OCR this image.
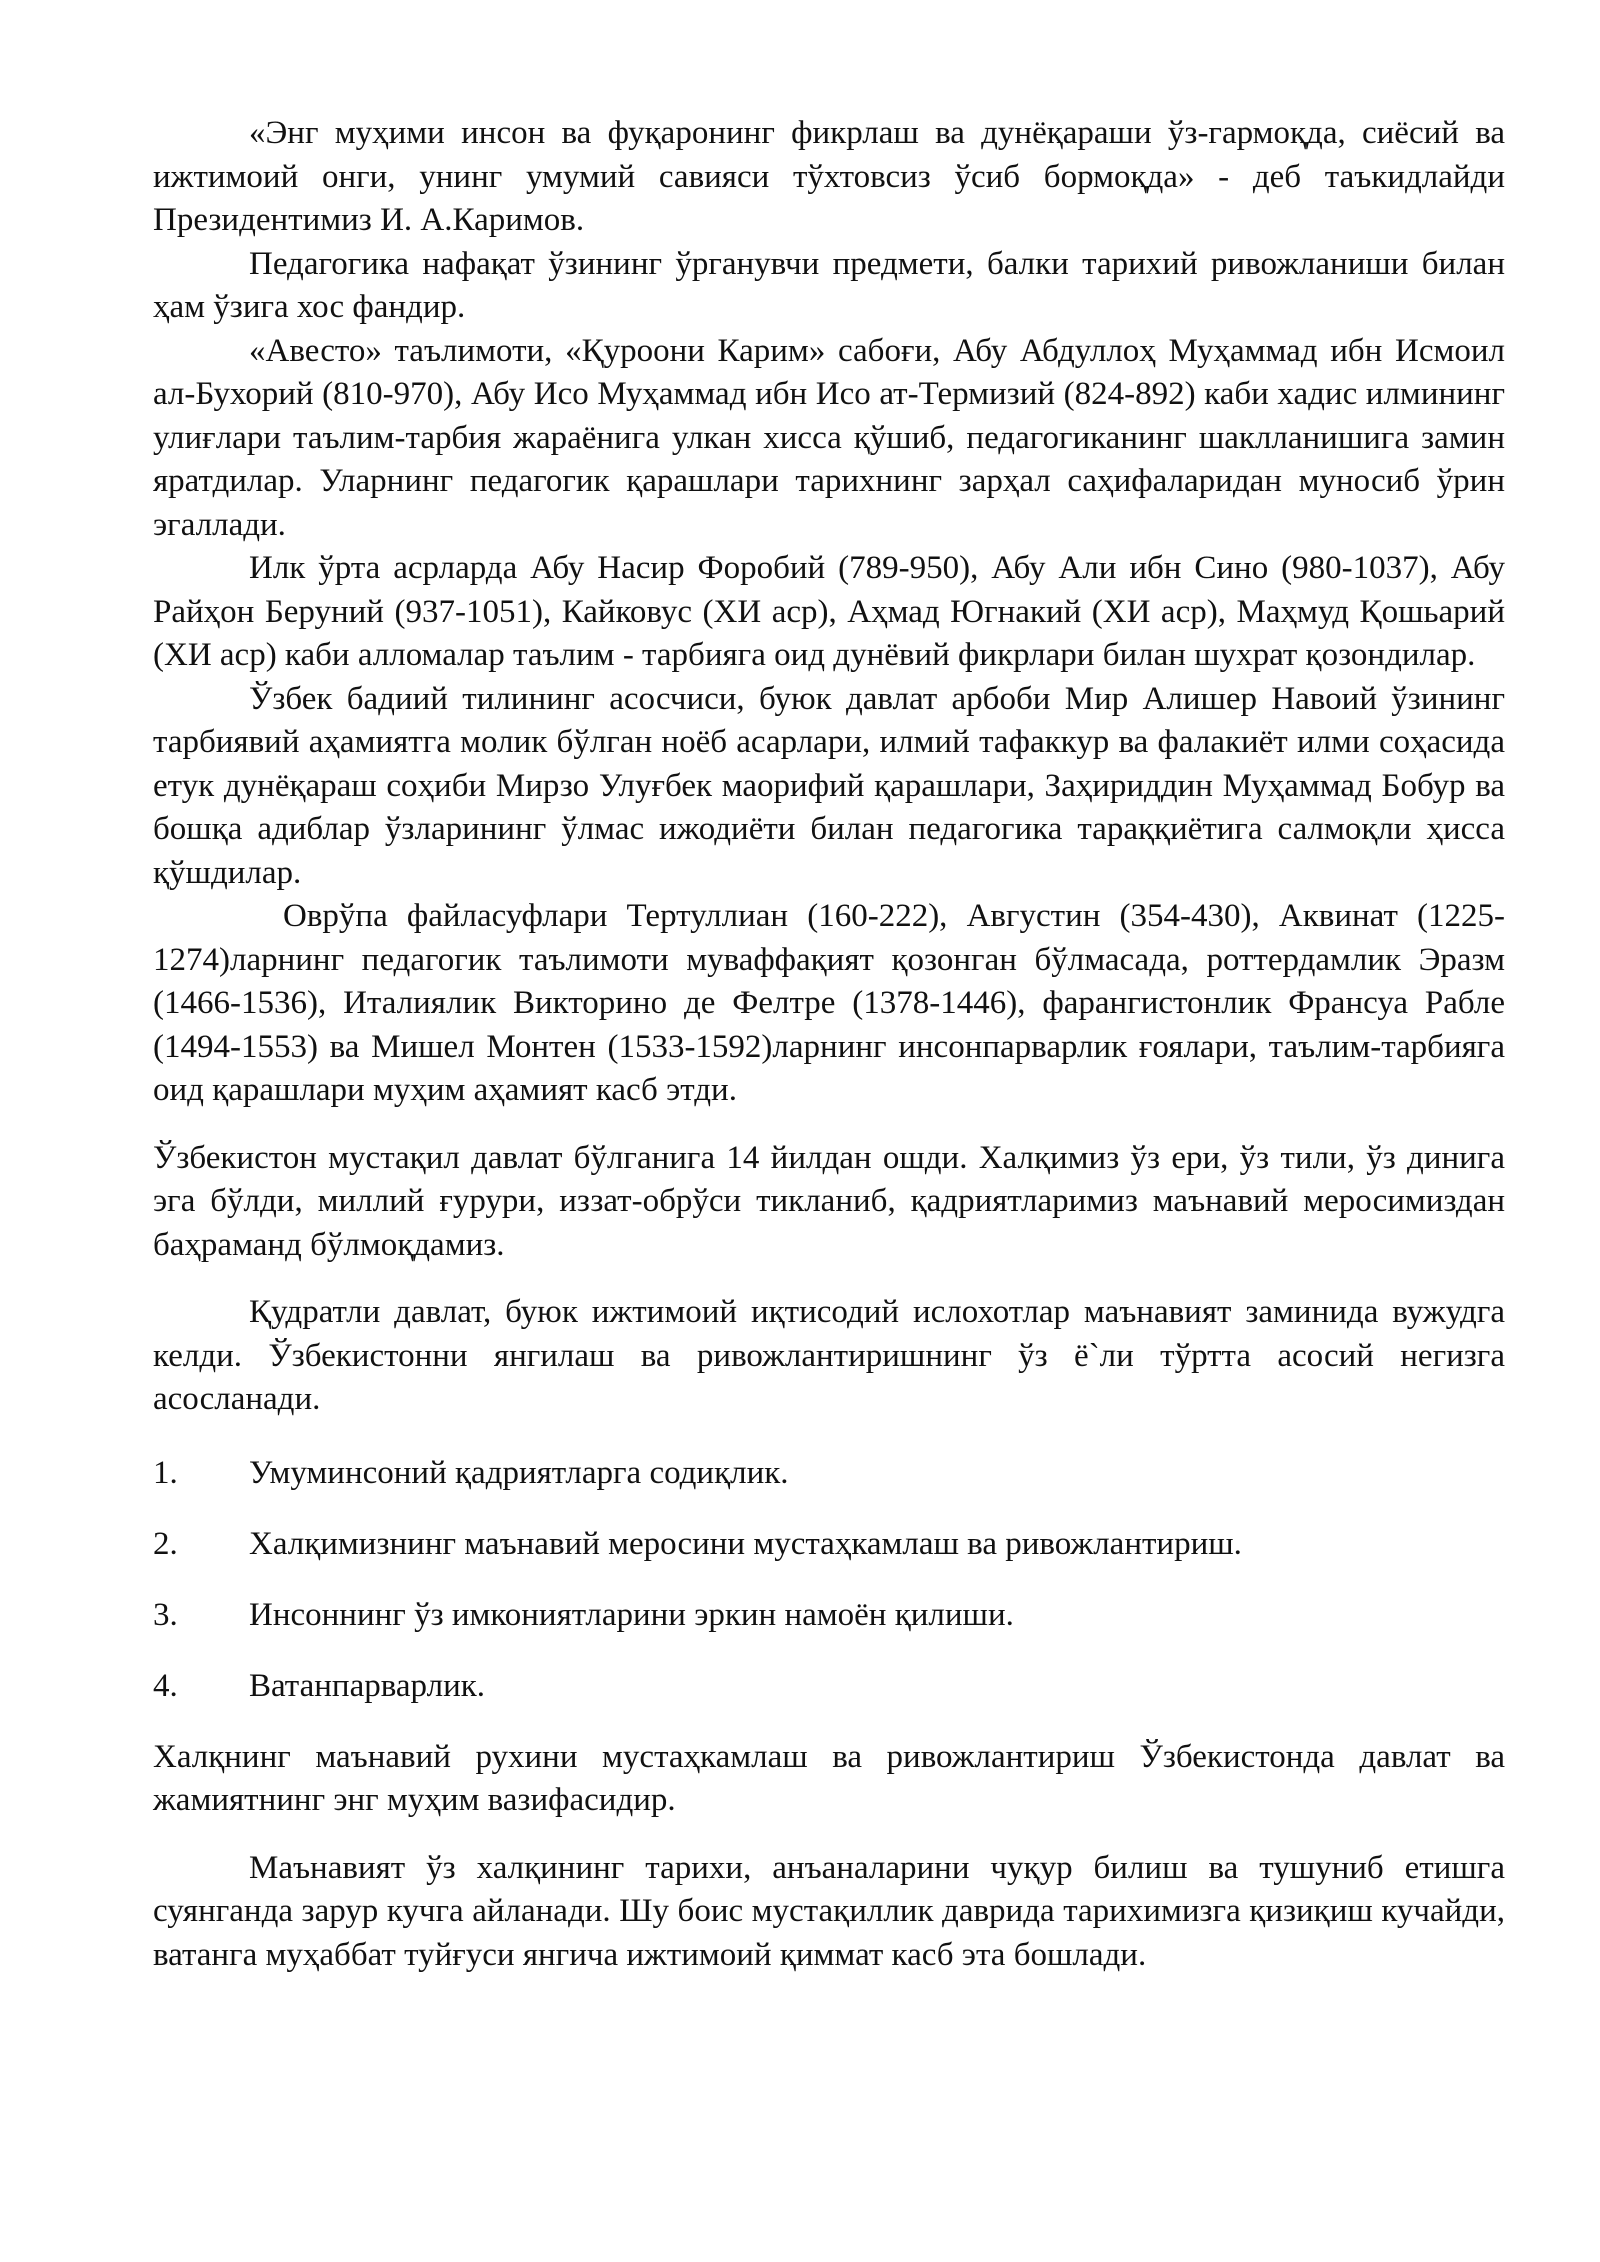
«Энг муҳими инсон ва фуқаронинг фикрлаш ва дунёқараши ўз-гармоқда, сиёсий ва ижтимоий онги, унинг умумий савияси тўхтовсиз ўсиб бормоқда» - деб таъкидлайди Президентимиз И. А.Каримов.

Педагогика нафақат ўзининг ўрганувчи предмети, балки тарихий ривожланиши билан ҳам ўзига хос фандир.

«Авесто» таълимоти, «Қуроони Карим» сабоғи, Абу Абдуллоҳ Муҳаммад ибн Исмоил ал-Бухорий (810-970), Абу Исо Муҳаммад ибн Исо ат-Термизий (824-892) каби хадис илмининг улиғлари таълим-тарбия жараёнига улкан хисса қўшиб, педагогиканинг шаклланишига замин яратдилар. Уларнинг педагогик қарашлари тарихнинг зарҳал саҳифаларидан муносиб ўрин эгаллади.

Илк ўрта асрларда Абу Насир Форобий (789-950), Абу Али ибн Сино (980-1037), Абу Райҳон Беруний (937-1051), Кайковус (ХИ аср), Аҳмад Югнакий (ХИ аср), Маҳмуд Қошьарий (ХИ аср) каби алломалар таълим - тарбияга оид дунёвий фикрлари билан шухрат қозондилар.

Ўзбек бадиий тилининг асосчиси, буюк давлат арбоби Мир Алишер Навоий ўзининг тарбиявий аҳамиятга молик бўлган ноёб асарлари, илмий тафаккур ва фалакиёт илми соҳасида етук дунёқараш соҳиби Мирзо Улуғбек маорифий қарашлари, Заҳириддин Муҳаммад Бобур ва бошқа адиблар ўзларининг ўлмас ижодиёти билан педагогика тараққиётига салмоқли ҳисса қўшдилар.

Оврўпа файласуфлари Тертуллиан (160-222), Августин (354-430), Аквинат (1225-1274)ларнинг педагогик таълимоти муваффақият қозонган бўлмасада, роттердамлик Эразм (1466-1536), Италиялик Викторино де Фелтре (1378-1446), фарангистонлик Франсуа Рабле (1494-1553) ва Мишел Монтен (1533-1592)ларнинг инсонпарварлик ғоялари, таълим-тарбияга оид қарашлари муҳим аҳамият касб этди.

Ўзбекистон мустақил давлат бўлганига 14 йилдан ошди. Халқимиз ўз ери, ўз тили, ўз динига эга бўлди, миллий ғурури, иззат-обрўси тикланиб, қадриятларимиз маънавий меросимиздан баҳраманд бўлмоқдамиз.

Қудратли давлат, буюк ижтимоий иқтисодий ислохотлар маънавият заминида вужудга келди. Ўзбекистонни янгилаш ва ривожлантиришнинг ўз ё`ли тўртта асосий негизга асосланади.

1.	Умуминсоний қадриятларга содиқлик.
2.	Халқимизнинг маънавий меросини мустаҳкамлаш ва ривожлантириш.
3.	Инсоннинг ўз имкониятларини эркин намоён қилиши.
4.	Ватанпарварлик.

Халқнинг маънавий рухини мустаҳкамлаш ва ривожлантириш Ўзбекистонда давлат ва жамиятнинг энг муҳим вазифасидир.

Маънавият ўз халқининг тарихи, анъаналарини чуқур билиш ва тушуниб етишга суянганда зарур кучга айланади. Шу боис мустақиллик даврида тарихимизга қизиқиш кучайди, ватанга муҳаббат туйғуси янгича ижтимоий қиммат касб эта бошлади.
